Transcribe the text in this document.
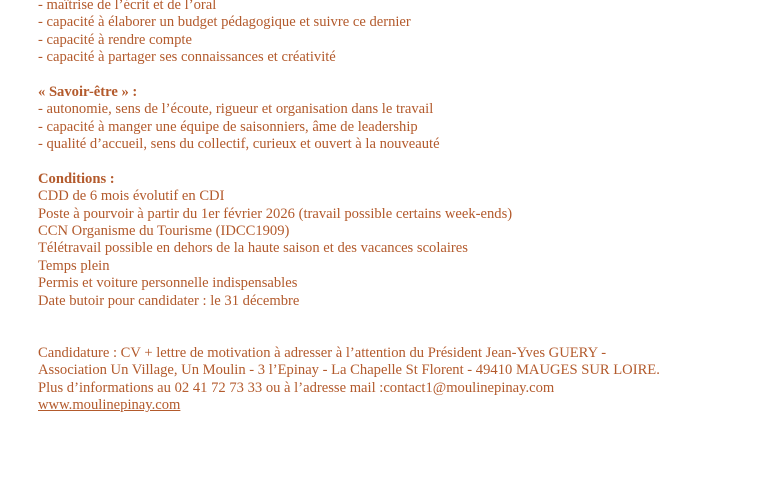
- maîtrise de l’écrit et de l’oral
- capacité à élaborer un budget pédagogique et suivre ce dernier
- capacité à rendre compte
- capacité à partager ses connaissances et créativité
« Savoir-être » :
- autonomie, sens de l’écoute, rigueur et organisation dans le travail
- capacité à manger une équipe de saisonniers, âme de leadership
- qualité d’accueil, sens du collectif, curieux et ouvert à la nouveauté
Conditions :
CDD de 6 mois évolutif en CDI
Poste à pourvoir à partir du 1er février 2026 (travail possible certains week-ends)
CCN Organisme du Tourisme (IDCC1909)
Télétravail possible en dehors de la haute saison et des vacances scolaires
Temps plein
Permis et voiture personnelle indispensables
Date butoir pour candidater : le 31 décembre
Candidature : CV + lettre de motivation à adresser à l’attention du Président Jean-Yves GUERY -
Association Un Village, Un Moulin - 3 l’Epinay - La Chapelle St Florent - 49410 MAUGES SUR LOIRE.
Plus d’informations au 02 41 72 73 33 ou à l’adresse mail :contact1@moulinepinay.com
www.moulinepinay.com
